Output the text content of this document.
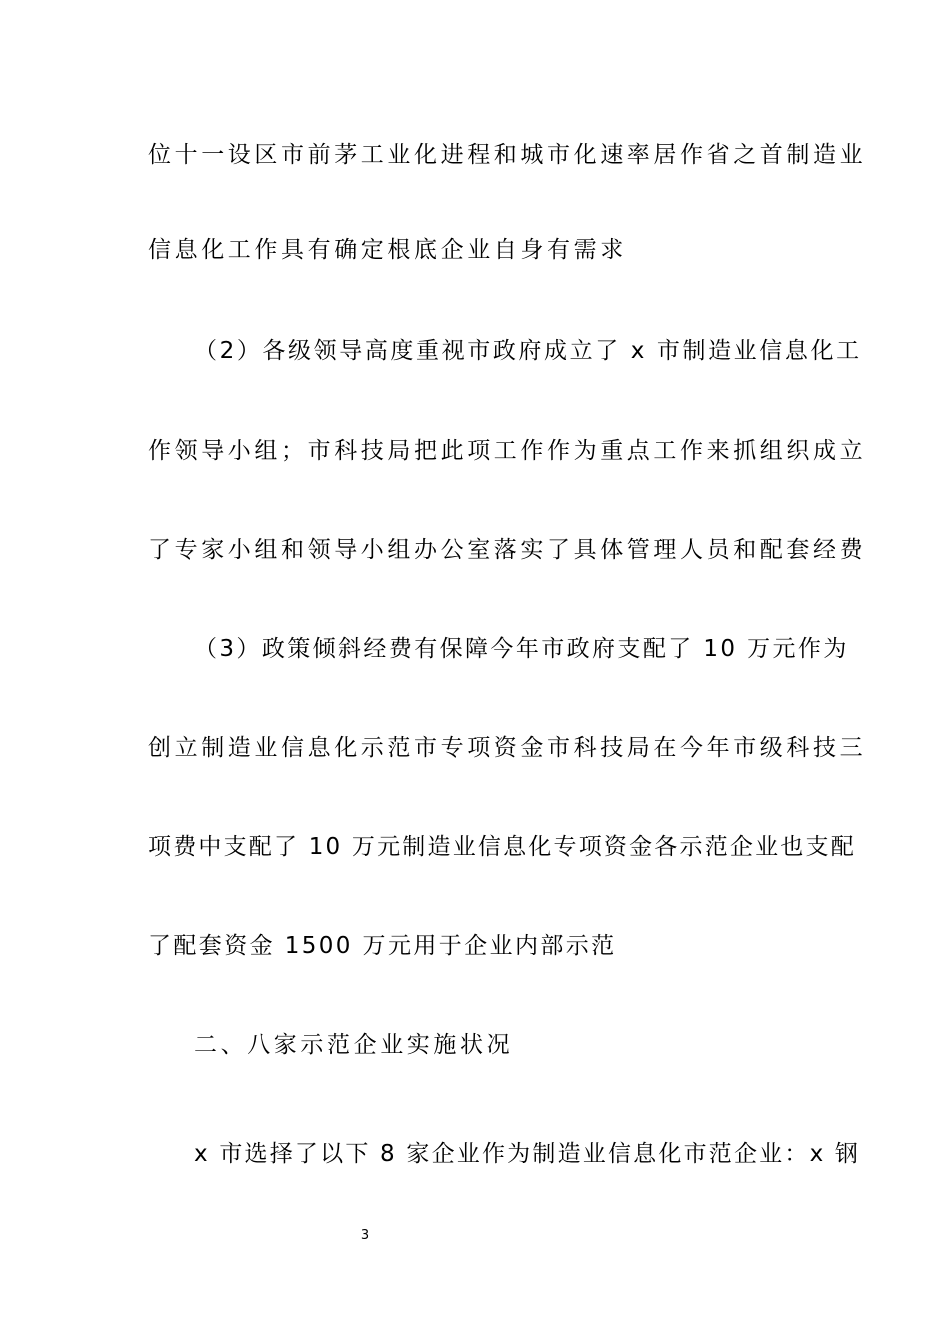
位十一设区市前茅工业化进程和城市化速率居作省之首制造业
信息化工作具有确定根底企业自身有需求
（2）各级领导高度重视市政府成立了 x 市制造业信息化工
作领导小组；市科技局把此项工作作为重点工作来抓组织成立
了专家小组和领导小组办公室落实了具体管理人员和配套经费
（3）政策倾斜经费有保障今年市政府支配了 10 万元作为
创立制造业信息化示范市专项资金市科技局在今年市级科技三
项费中支配了 10 万元制造业信息化专项资金各示范企业也支配
了配套资金 1500 万元用于企业内部示范
二、八家示范企业实施状况
x 市选择了以下 8 家企业作为制造业信息化市范企业：x 钢
3
